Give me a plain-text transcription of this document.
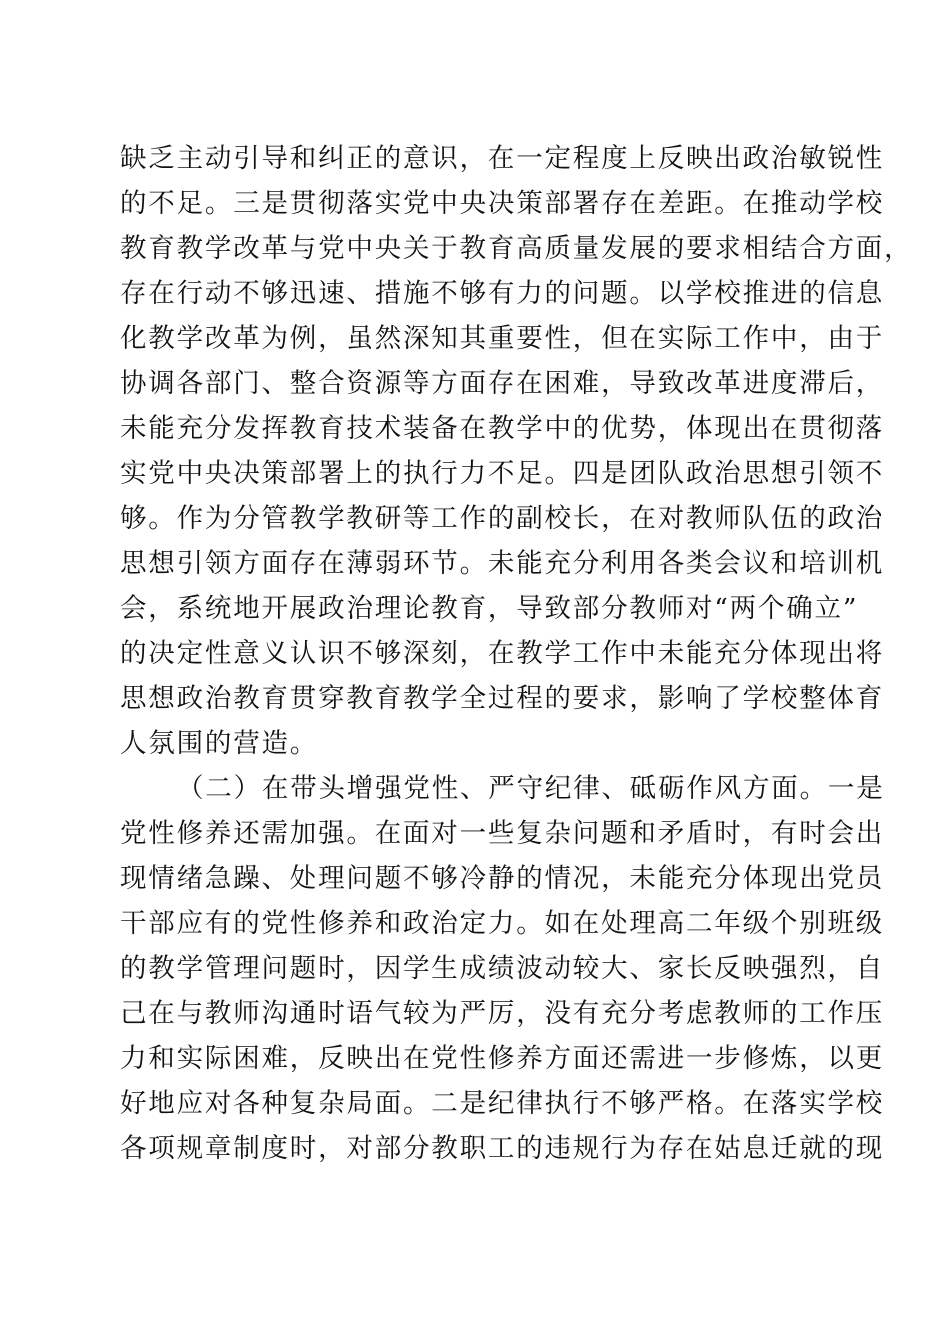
缺乏主动引导和纠正的意识，在一定程度上反映出政治敏锐性
的不足。三是贯彻落实党中央决策部署存在差距。在推动学校
教育教学改革与党中央关于教育高质量发展的要求相结合方面，
存在行动不够迅速、措施不够有力的问题。以学校推进的信息
化教学改革为例，虽然深知其重要性，但在实际工作中，由于
协调各部门、整合资源等方面存在困难，导致改革进度滞后，
未能充分发挥教育技术装备在教学中的优势，体现出在贯彻落
实党中央决策部署上的执行力不足。四是团队政治思想引领不
够。作为分管教学教研等工作的副校长，在对教师队伍的政治
思想引领方面存在薄弱环节。未能充分利用各类会议和培训机
会，系统地开展政治理论教育，导致部分教师对“两个确立”
的决定性意义认识不够深刻，在教学工作中未能充分体现出将
思想政治教育贯穿教育教学全过程的要求，影响了学校整体育
人氛围的营造。
（二）在带头增强党性、严守纪律、砥砺作风方面。一是
党性修养还需加强。在面对一些复杂问题和矛盾时，有时会出
现情绪急躁、处理问题不够冷静的情况，未能充分体现出党员
干部应有的党性修养和政治定力。如在处理高二年级个别班级
的教学管理问题时，因学生成绩波动较大、家长反映强烈，自
己在与教师沟通时语气较为严厉，没有充分考虑教师的工作压
力和实际困难，反映出在党性修养方面还需进一步修炼，以更
好地应对各种复杂局面。二是纪律执行不够严格。在落实学校
各项规章制度时，对部分教职工的违规行为存在姑息迁就的现
